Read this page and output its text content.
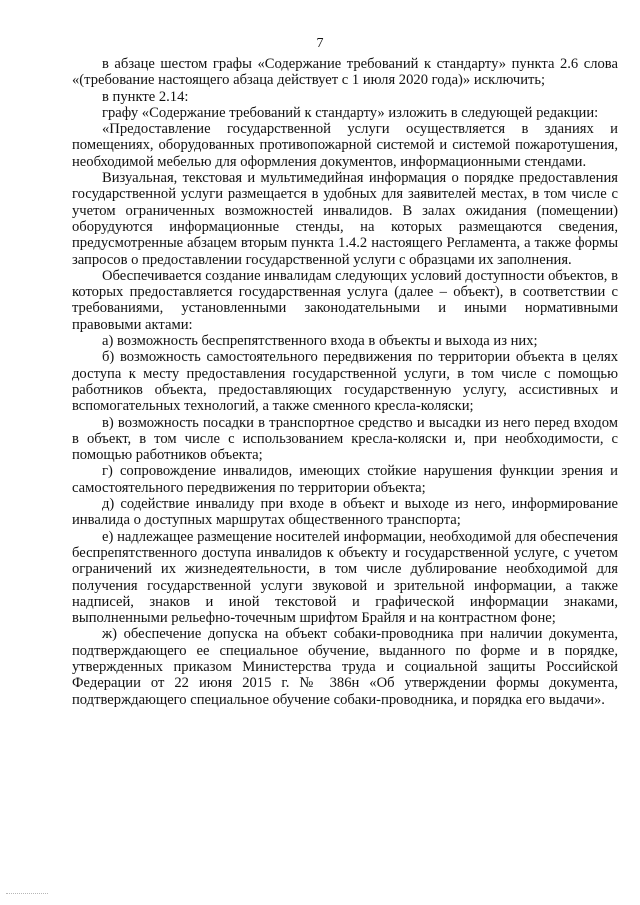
7

в абзаце шестом графы «Содержание требований к стандарту» пункта 2.6 слова «(требование настоящего абзаца действует с 1 июля 2020 года)» исключить;

в пункте 2.14:

графу «Содержание требований к стандарту» изложить в следующей редакции:

«Предоставление государственной услуги осуществляется в зданиях и помещениях, оборудованных противопожарной системой и системой пожаротушения, необходимой мебелью для оформления документов, информационными стендами.

Визуальная, текстовая и мультимедийная информация о порядке предоставления государственной услуги размещается в удобных для заявителей местах, в том числе с учетом ограниченных возможностей инвалидов. В залах ожидания (помещении) оборудуются информационные стенды, на которых размещаются сведения, предусмотренные абзацем вторым пункта 1.4.2 настоящего Регламента, а также формы запросов о предоставлении государственной услуги с образцами их заполнения.

Обеспечивается создание инвалидам следующих условий доступности объектов, в которых предоставляется государственная услуга (далее – объект), в соответствии с требованиями, установленными законодательными и иными нормативными правовыми актами:

а) возможность беспрепятственного входа в объекты и выхода из них;

б) возможность самостоятельного передвижения по территории объекта в целях доступа к месту предоставления государственной услуги, в том числе с помощью работников объекта, предоставляющих государственную услугу, ассистивных и вспомогательных технологий, а также сменного кресла-коляски;

в) возможность посадки в транспортное средство и высадки из него перед входом в объект, в том числе с использованием кресла-коляски и, при необходимости, с помощью работников объекта;

г) сопровождение инвалидов, имеющих стойкие нарушения функции зрения и самостоятельного передвижения по территории объекта;

д) содействие инвалиду при входе в объект и выходе из него, информирование инвалида о доступных маршрутах общественного транспорта;

е) надлежащее размещение носителей информации, необходимой для обеспечения беспрепятственного доступа инвалидов к объекту и государственной услуге, с учетом ограничений их жизнедеятельности, в том числе дублирование необходимой для получения государственной услуги звуковой и зрительной информации, а также надписей, знаков и иной текстовой и графической информации знаками, выполненными рельефно-точечным шрифтом Брайля и на контрастном фоне;

ж) обеспечение допуска на объект собаки-проводника при наличии документа, подтверждающего ее специальное обучение, выданного по форме и в порядке, утвержденных приказом Министерства труда и социальной защиты Российской Федерации от 22 июня 2015 г. № 386н «Об утверждении формы документа, подтверждающего специальное обучение собаки-проводника, и порядка его выдачи».
